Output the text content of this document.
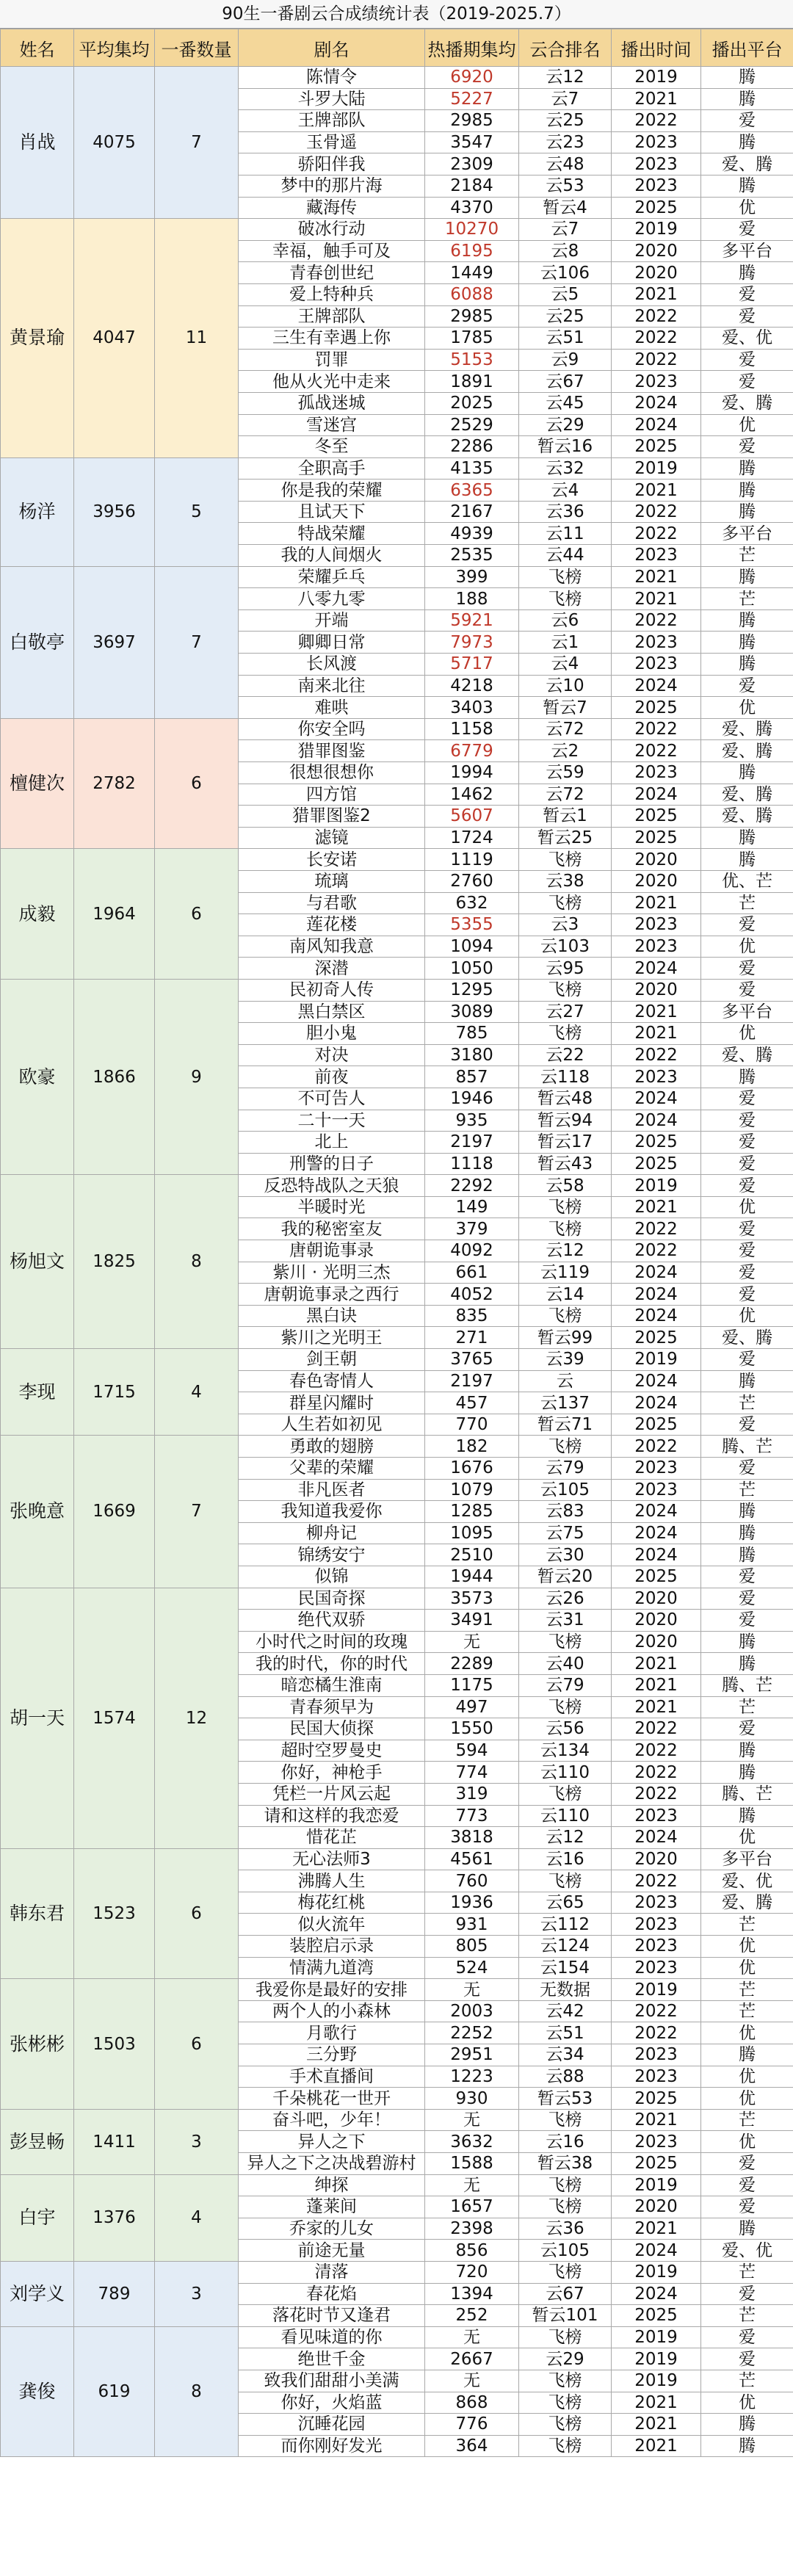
90生一番剧云合成绩统计表（2019-2025.7）
姓名	平均集均	一番数量	剧名	热播期集均	云合排名	播出时间	播出平台
肖战	4075	7	陈情令	6920	云12	2019	腾
			斗罗大陆	5227	云7	2021	腾
			王牌部队	2985	云25	2022	爱
			玉骨遥	3547	云23	2023	腾
			骄阳伴我	2309	云48	2023	爱、腾
			梦中的那片海	2184	云53	2023	腾
			藏海传	4370	暂云4	2025	优
黄景瑜	4047	11	破冰行动	10270	云7	2019	爱
			幸福，触手可及	6195	云8	2020	多平台
			青春创世纪	1449	云106	2020	腾
			爱上特种兵	6088	云5	2021	爱
			王牌部队	2985	云25	2022	爱
			三生有幸遇上你	1785	云51	2022	爱、优
			罚罪	5153	云9	2022	爱
			他从火光中走来	1891	云67	2023	爱
			孤战迷城	2025	云45	2024	爱、腾
			雪迷宫	2529	云29	2024	优
			冬至	2286	暂云16	2025	爱
杨洋	3956	5	全职高手	4135	云32	2019	腾
			你是我的荣耀	6365	云4	2021	腾
			且试天下	2167	云36	2022	腾
			特战荣耀	4939	云11	2022	多平台
			我的人间烟火	2535	云44	2023	芒
白敬亭	3697	7	荣耀乒乓	399	飞榜	2021	腾
			八零九零	188	飞榜	2021	芒
			开端	5921	云6	2022	腾
			卿卿日常	7973	云1	2023	腾
			长风渡	5717	云4	2023	腾
			南来北往	4218	云10	2024	爱
			难哄	3403	暂云7	2025	优
檀健次	2782	6	你安全吗	1158	云72	2022	爱、腾
			猎罪图鉴	6779	云2	2022	爱、腾
			很想很想你	1994	云59	2023	腾
			四方馆	1462	云72	2024	爱、腾
			猎罪图鉴2	5607	暂云1	2025	爱、腾
			滤镜	1724	暂云25	2025	腾
成毅	1964	6	长安诺	1119	飞榜	2020	腾
			琉璃	2760	云38	2020	优、芒
			与君歌	632	飞榜	2021	芒
			莲花楼	5355	云3	2023	爱
			南风知我意	1094	云103	2023	优
			深潜	1050	云95	2024	爱
欧豪	1866	9	民初奇人传	1295	飞榜	2020	爱
			黑白禁区	3089	云27	2021	多平台
			胆小鬼	785	飞榜	2021	优
			对决	3180	云22	2022	爱、腾
			前夜	857	云118	2023	腾
			不可告人	1946	暂云48	2024	爱
			二十一天	935	暂云94	2024	爱
			北上	2197	暂云17	2025	爱
			刑警的日子	1118	暂云43	2025	爱
杨旭文	1825	8	反恐特战队之天狼	2292	云58	2019	爱
			半暖时光	149	飞榜	2021	优
			我的秘密室友	379	飞榜	2022	爱
			唐朝诡事录	4092	云12	2022	爱
			紫川 · 光明三杰	661	云119	2024	爱
			唐朝诡事录之西行	4052	云14	2024	爱
			黑白诀	835	飞榜	2024	优
			紫川之光明王	271	暂云99	2025	爱、腾
李现	1715	4	剑王朝	3765	云39	2019	爱
			春色寄情人	2197	云	2024	腾
			群星闪耀时	457	云137	2024	芒
			人生若如初见	770	暂云71	2025	爱
张晚意	1669	7	勇敢的翅膀	182	飞榜	2022	腾、芒
			父辈的荣耀	1676	云79	2023	爱
			非凡医者	1079	云105	2023	芒
			我知道我爱你	1285	云83	2024	腾
			柳舟记	1095	云75	2024	腾
			锦绣安宁	2510	云30	2024	腾
			似锦	1944	暂云20	2025	爱
胡一天	1574	12	民国奇探	3573	云26	2020	爱
			绝代双骄	3491	云31	2020	爱
			小时代之时间的玫瑰	无	飞榜	2020	腾
			我的时代，你的时代	2289	云40	2021	腾
			暗恋橘生淮南	1175	云79	2021	腾、芒
			青春须早为	497	飞榜	2021	芒
			民国大侦探	1550	云56	2022	爱
			超时空罗曼史	594	云134	2022	腾
			你好，神枪手	774	云110	2022	腾
			凭栏一片风云起	319	飞榜	2022	腾、芒
			请和这样的我恋爱	773	云110	2023	腾
			惜花芷	3818	云12	2024	优
韩东君	1523	6	无心法师3	4561	云16	2020	多平台
			沸腾人生	760	飞榜	2022	爱、优
			梅花红桃	1936	云65	2023	爱、腾
			似火流年	931	云112	2023	芒
			装腔启示录	805	云124	2023	优
			情满九道湾	524	云154	2023	优
张彬彬	1503	6	我爱你是最好的安排	无	无数据	2019	芒
			两个人的小森林	2003	云42	2022	芒
			月歌行	2252	云51	2022	优
			三分野	2951	云34	2023	腾
			手术直播间	1223	云88	2023	优
			千朵桃花一世开	930	暂云53	2025	优
彭昱畅	1411	3	奋斗吧，少年！	无	飞榜	2021	芒
			异人之下	3632	云16	2023	优
			异人之下之决战碧游村	1588	暂云38	2025	爱
白宇	1376	4	绅探	无	飞榜	2019	爱
			蓬莱间	1657	飞榜	2020	爱
			乔家的儿女	2398	云36	2021	腾
			前途无量	856	云105	2024	爱、优
刘学义	789	3	清落	720	飞榜	2019	芒
			春花焰	1394	云67	2024	爱
			落花时节又逢君	252	暂云101	2025	芒
龚俊	619	8	看见味道的你	无	飞榜	2019	爱
			绝世千金	2667	云29	2019	爱
			致我们甜甜小美满	无	飞榜	2019	芒
			你好，火焰蓝	868	飞榜	2021	优
			沉睡花园	776	飞榜	2021	腾
			而你刚好发光	364	飞榜	2021	腾
